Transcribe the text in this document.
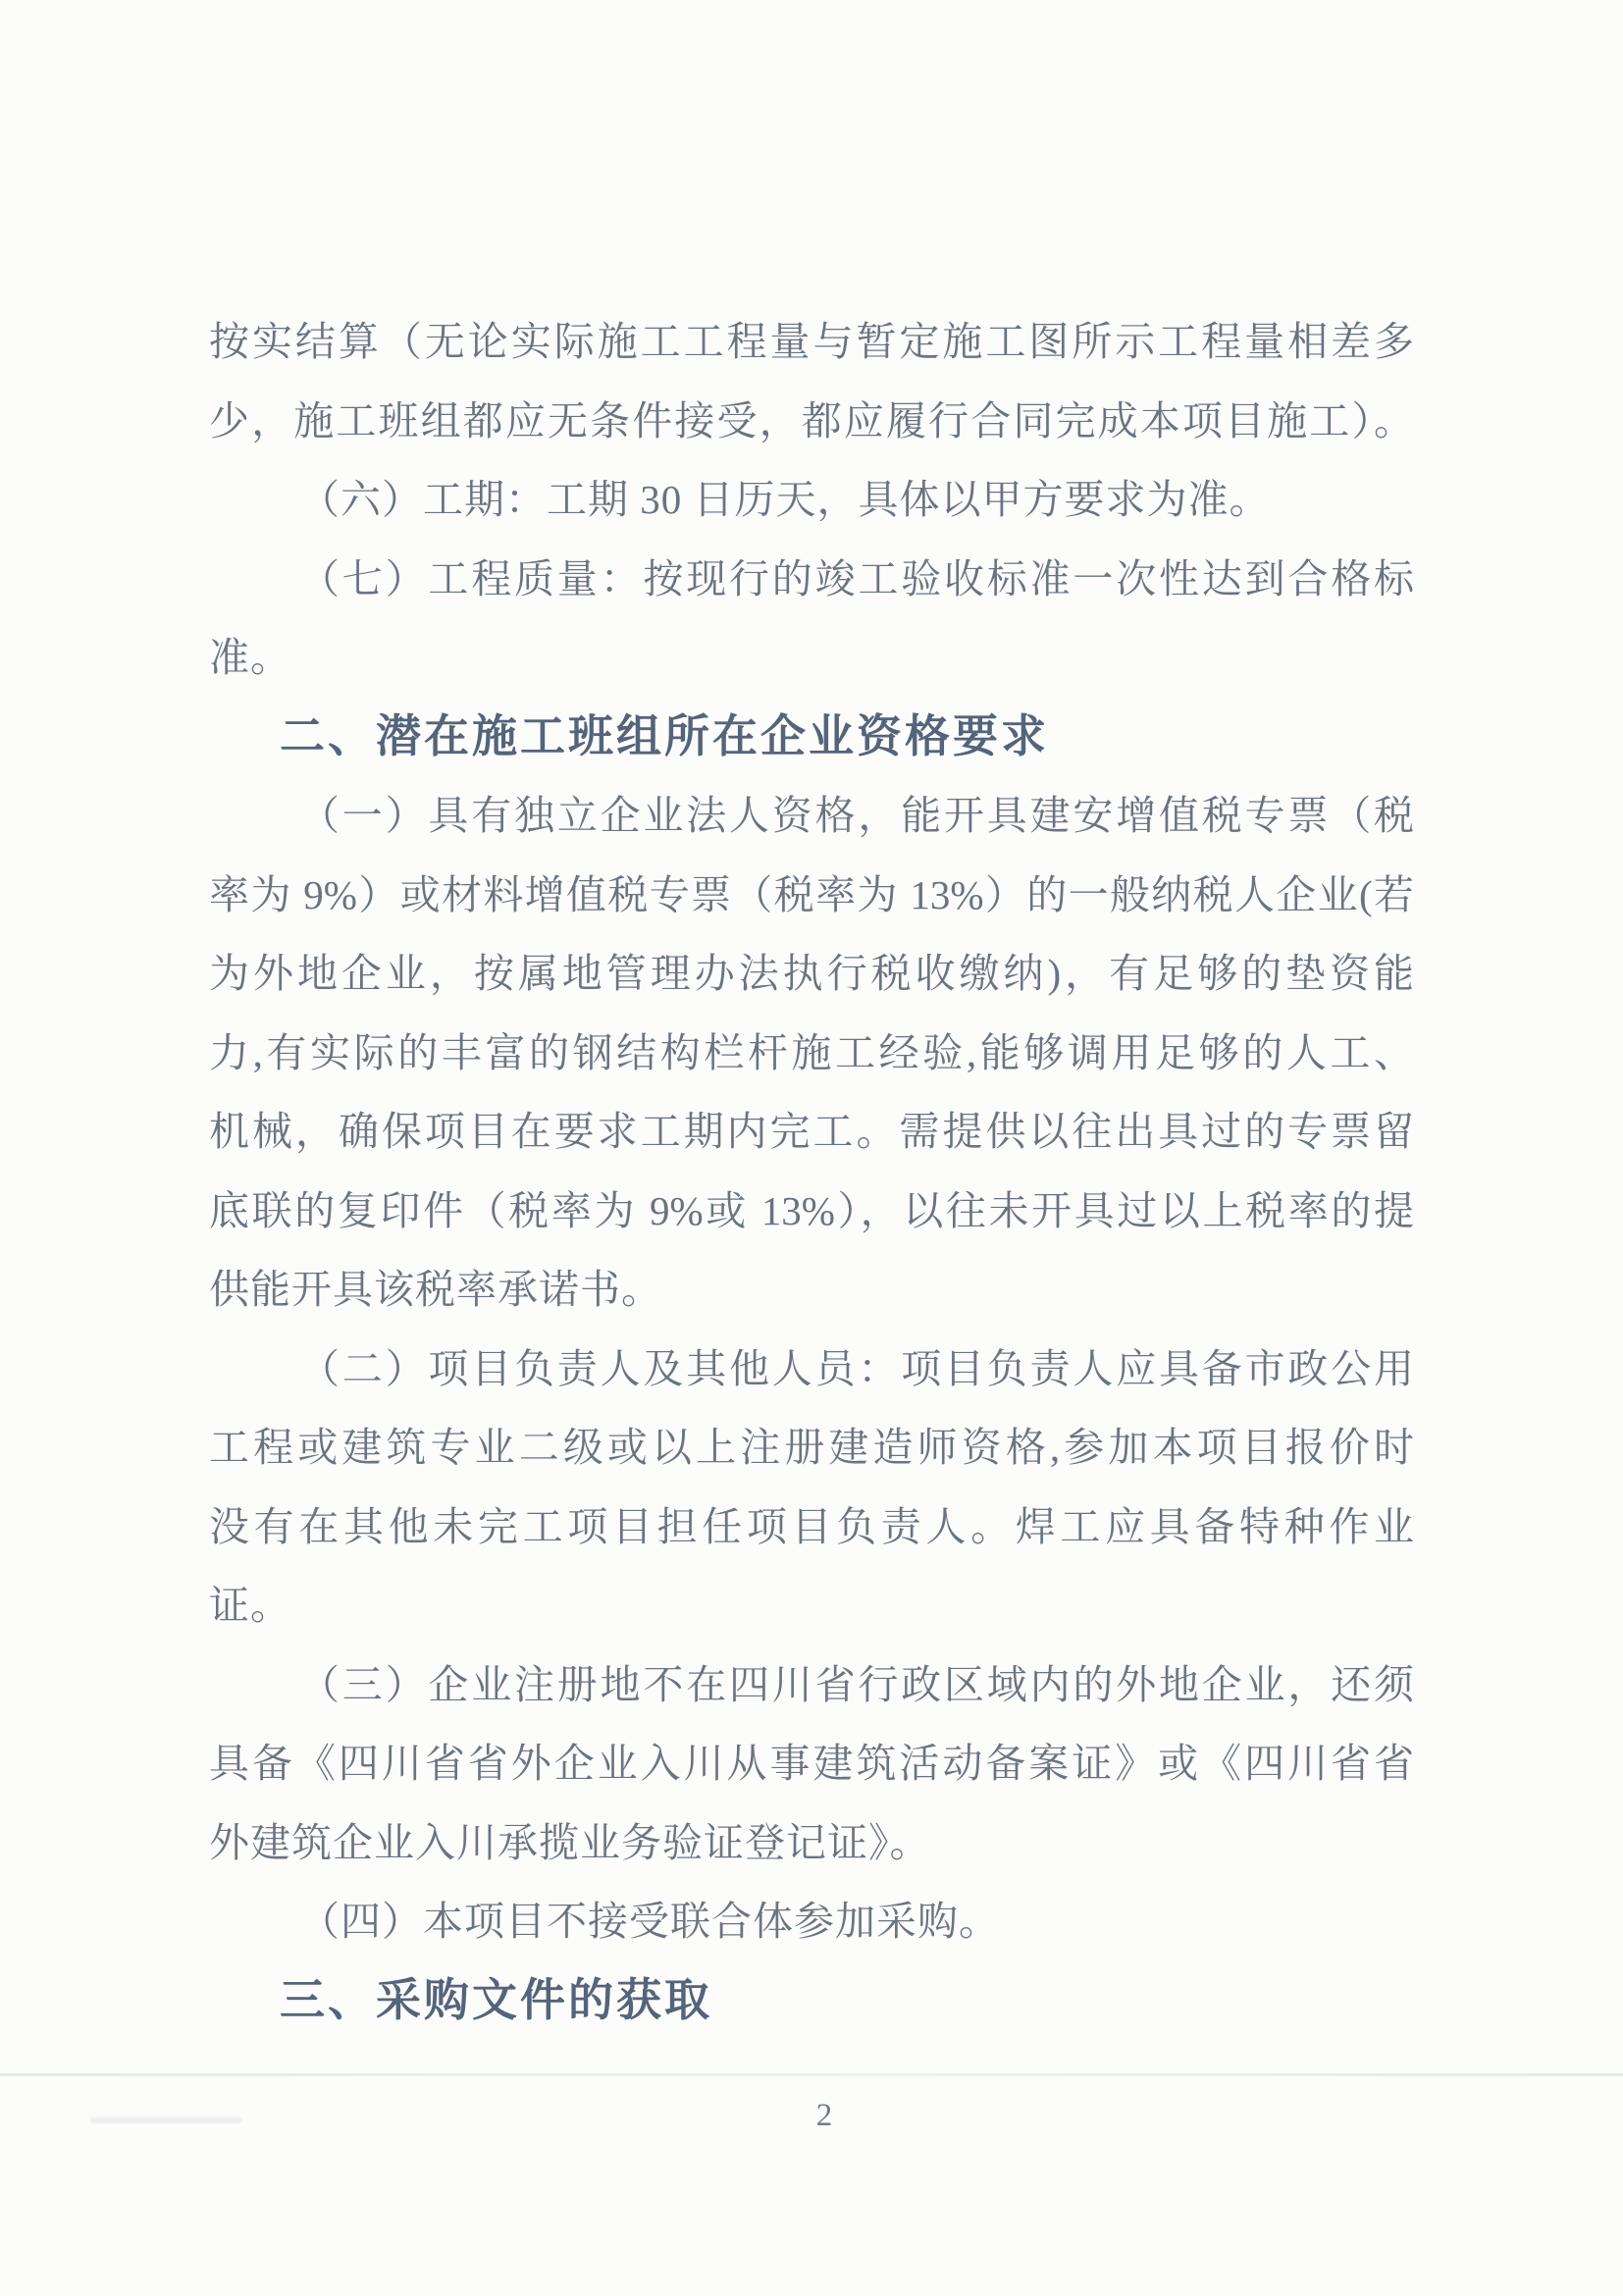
按实结算（无论实际施工工程量与暂定施工图所示工程量相差多
少，施工班组都应无条件接受，都应履行合同完成本项目施工）。
（六）工期：工期 30 日历天，具体以甲方要求为准。
（七）工程质量：按现行的竣工验收标准一次性达到合格标
准。
二、潜在施工班组所在企业资格要求
（一）具有独立企业法人资格，能开具建安增值税专票（税
率为 9%）或材料增值税专票（税率为 13%）的一般纳税人企业(若
为外地企业，按属地管理办法执行税收缴纳)，有足够的垫资能
力,有实际的丰富的钢结构栏杆施工经验,能够调用足够的人工、
机械，确保项目在要求工期内完工。需提供以往出具过的专票留
底联的复印件（税率为 9%或 13%），以往未开具过以上税率的提
供能开具该税率承诺书。
（二）项目负责人及其他人员：项目负责人应具备市政公用
工程或建筑专业二级或以上注册建造师资格,参加本项目报价时
没有在其他未完工项目担任项目负责人。焊工应具备特种作业
证。
（三）企业注册地不在四川省行政区域内的外地企业，还须
具备《四川省省外企业入川从事建筑活动备案证》或《四川省省
外建筑企业入川承揽业务验证登记证》。
（四）本项目不接受联合体参加采购。
三、采购文件的获取
2
